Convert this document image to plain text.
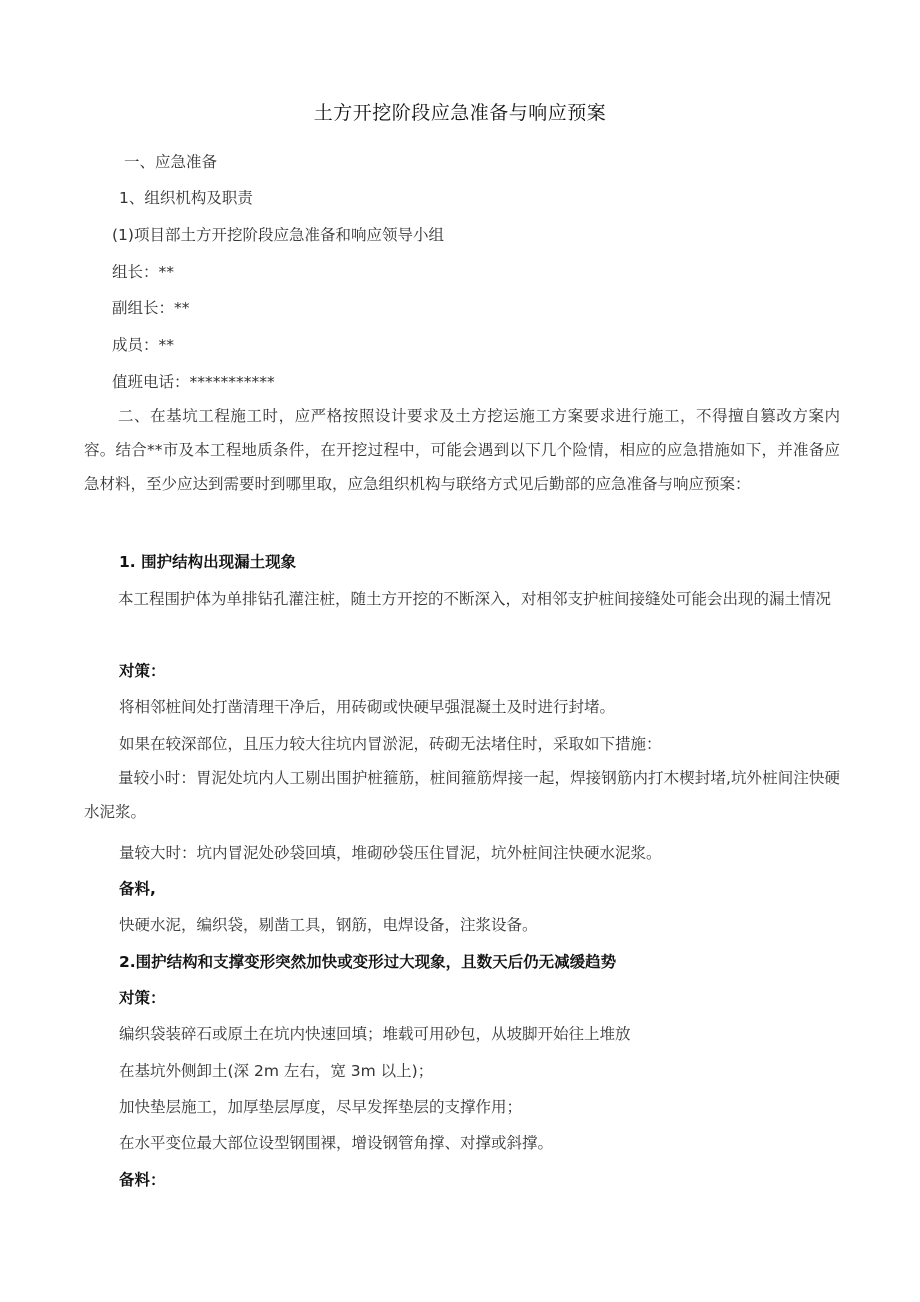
土方开挖阶段应急准备与响应预案
一、应急准备
1、组织机构及职责
(1)项目部土方开挖阶段应急准备和响应领导小组
组长：**
副组长：**
成员：**
值班电话：***********
二、在基坑工程施工时，应严格按照设计要求及土方挖运施工方案要求进行施工，不得擅自篡改方案内容。结合**市及本工程地质条件，在开挖过程中，可能会遇到以下几个险情，相应的应急措施如下，并准备应急材料，至少应达到需要时到哪里取，应急组织机构与联络方式见后勤部的应急准备与响应预案：
1. 围护结构出现漏土现象
本工程围护体为单排钻孔灌注桩，随土方开挖的不断深入，对相邻支护桩间接缝处可能会出现的漏土情况
对策：
将相邻桩间处打凿清理干净后，用砖砌或快硬早强混凝土及时进行封堵。
如果在较深部位，且压力较大往坑内冒淤泥，砖砌无法堵住时，采取如下措施：
量较小时：胃泥处坑内人工剔出围护桩箍筋，桩间箍筋焊接一起，焊接钢筋内打木楔封堵,坑外桩间注快硬水泥浆。
量较大时：坑内冒泥处砂袋回填，堆砌砂袋压住冒泥，坑外桩间注快硬水泥浆。
备料,
快硬水泥，编织袋，剔凿工具，钢筋，电焊设备，注浆设备。
2.围护结构和支撑变形突然加快或变形过大现象，且数天后仍无减缓趋势
对策：
编织袋装碎石或原土在坑内快速回填；堆载可用砂包，从坡脚开始往上堆放
在基坑外侧卸土(深 2m 左右，宽 3m 以上)；
加快垫层施工，加厚垫层厚度，尽早发挥垫层的支撑作用；
在水平变位最大部位设型钢围裸，增设钢管角撑、对撑或斜撑。
备料：
